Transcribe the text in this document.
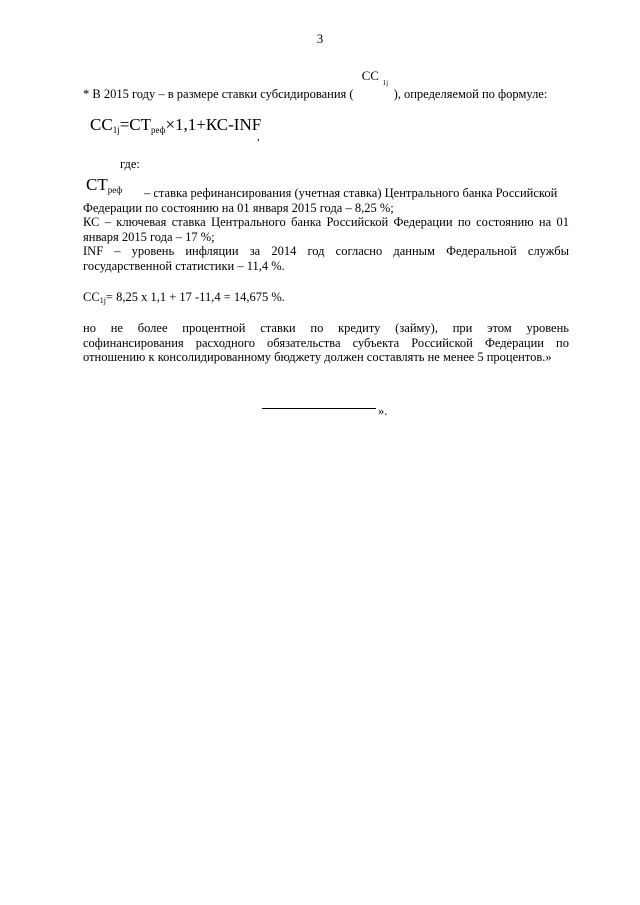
3
* В 2015 году – в размере ставки субсидирования (
СС 1j
), определяемой по формуле:
$СС_{1j}=СТ_{реф}\times 1,1+КС$-INF
,
где:
$СТ_{реф}$ – ставка рефинансирования (учетная ставка) Центрального банка Российской
Федерации по состоянию на 01 января 2015 года – 8,25 %;
КС – ключевая ставка Центрального банка Российской Федерации по состоянию на 01 января 2015 года – 17 %;
INF – уровень инфляции за 2014 год согласно данным Федеральной службы государственной статистики – 11,4 %.
$СС_{1j}= 8,25$ х 1,1 + 17 -11,4 = 14,675 %.
но не более процентной ставки по кредиту (займу), при этом уровень
софинансирования расходного обязательства субъекта Российской Федерации по отношению к консолидированному бюджету должен составлять не менее 5 процентов.»
».
